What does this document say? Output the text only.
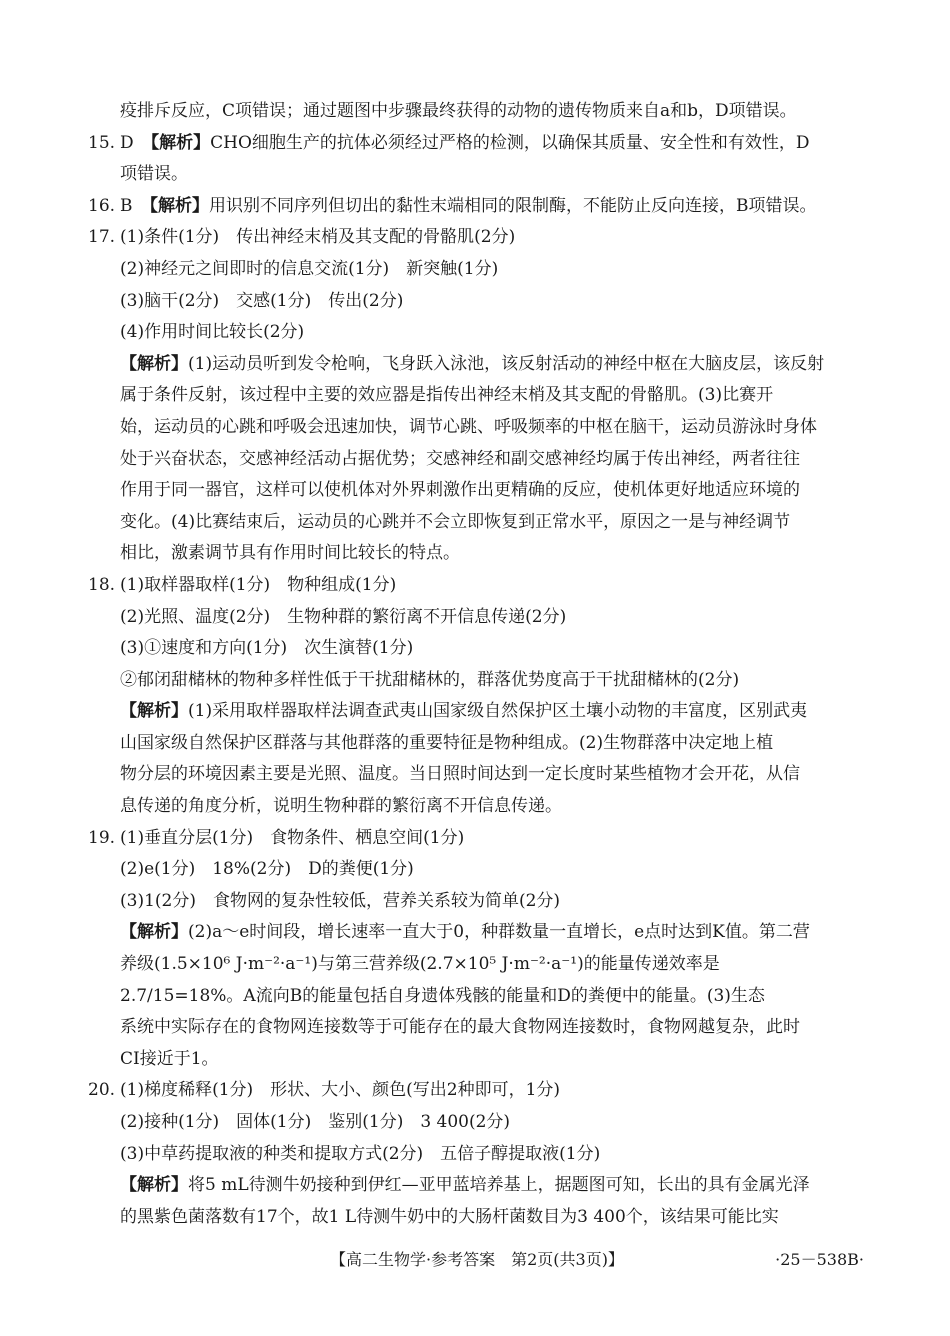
疫排斥反应，C项错误；通过题图中步骤最终获得的动物的遗传物质来自a和b，D项错误。
15. D　 【解析】CHO细胞生产的抗体必须经过严格的检测，以确保其质量、安全性和有效性，D
项错误。
16. B　 【解析】用识别不同序列但切出的黏性末端相同的限制酶，不能防止反向连接，B项错误。
17. (1)条件(1分)　传出神经末梢及其支配的骨骼肌(2分)
(2)神经元之间即时的信息交流(1分)　新突触(1分)
(3)脑干(2分)　交感(1分)　传出(2分)
(4)作用时间比较长(2分)
【解析】(1)运动员听到发令枪响，飞身跃入泳池，该反射活动的神经中枢在大脑皮层，该反射
属于条件反射，该过程中主要的效应器是指传出神经末梢及其支配的骨骼肌。(3)比赛开
始，运动员的心跳和呼吸会迅速加快，调节心跳、呼吸频率的中枢在脑干，运动员游泳时身体
处于兴奋状态，交感神经活动占据优势；交感神经和副交感神经均属于传出神经，两者往往
作用于同一器官，这样可以使机体对外界刺激作出更精确的反应，使机体更好地适应环境的
变化。(4)比赛结束后，运动员的心跳并不会立即恢复到正常水平，原因之一是与神经调节
相比，激素调节具有作用时间比较长的特点。
18. (1)取样器取样(1分)　物种组成(1分)
(2)光照、温度(2分)　生物种群的繁衍离不开信息传递(2分)
(3)①速度和方向(1分)　次生演替(1分)
②郁闭甜槠林的物种多样性低于干扰甜槠林的，群落优势度高于干扰甜槠林的(2分)
【解析】(1)采用取样器取样法调查武夷山国家级自然保护区土壤小动物的丰富度，区别武夷
山国家级自然保护区群落与其他群落的重要特征是物种组成。(2)生物群落中决定地上植
物分层的环境因素主要是光照、温度。当日照时间达到一定长度时某些植物才会开花，从信
息传递的角度分析，说明生物种群的繁衍离不开信息传递。
19. (1)垂直分层(1分)　食物条件、栖息空间(1分)
(2)e(1分)　18%(2分)　D的粪便(1分)
(3)1(2分)　食物网的复杂性较低，营养关系较为简单(2分)
【解析】(2)a～e时间段，增长速率一直大于0，种群数量一直增长，e点时达到K值。第二营
养级(1.5×10⁶ J·m⁻²·a⁻¹)与第三营养级(2.7×10⁵ J·m⁻²·a⁻¹)的能量传递效率是
2.7/15=18%。A流向B的能量包括自身遗体残骸的能量和D的粪便中的能量。(3)生态
系统中实际存在的食物网连接数等于可能存在的最大食物网连接数时，食物网越复杂，此时
CI接近于1。
20. (1)梯度稀释(1分)　形状、大小、颜色(写出2种即可，1分)
(2)接种(1分)　固体(1分)　鉴别(1分)　3 400(2分)
(3)中草药提取液的种类和提取方式(2分)　五倍子醇提取液(1分)
【解析】将5 mL待测牛奶接种到伊红—亚甲蓝培养基上，据题图可知，长出的具有金属光泽
的黑紫色菌落数有17个，故1 L待测牛奶中的大肠杆菌数目为3 400个，该结果可能比实
【高二生物学·参考答案　第2页(共3页)】	·25－538B·
